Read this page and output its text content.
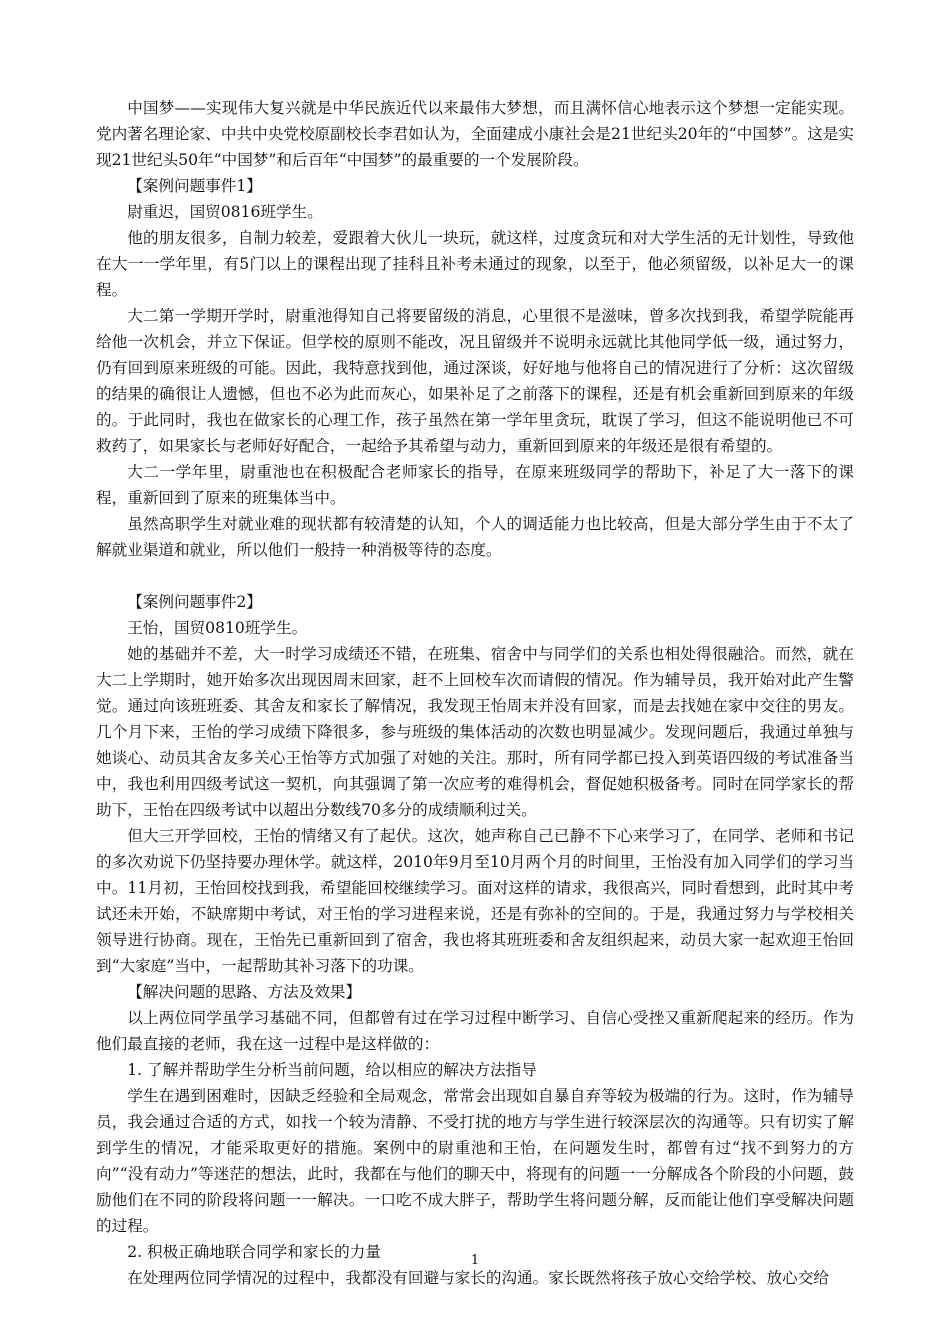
中国梦——实现伟大复兴就是中华民族近代以来最伟大梦想，而且满怀信心地表示这个梦想一定能实现。党内著名理论家、中共中央党校原副校长李君如认为，全面建成小康社会是21世纪头20年的“中国梦”。这是实现21世纪头50年“中国梦”和后百年“中国梦”的最重要的一个发展阶段。

【案例问题事件1】

尉重迟，国贸0816班学生。

他的朋友很多，自制力较差，爱跟着大伙儿一块玩，就这样，过度贪玩和对大学生活的无计划性，导致他在大一一学年里，有5门以上的课程出现了挂科且补考未通过的现象，以至于，他必须留级，以补足大一的课程。

大二第一学期开学时，尉重池得知自己将要留级的消息，心里很不是滋味，曾多次找到我，希望学院能再给他一次机会，并立下保证。但学校的原则不能改，况且留级并不说明永远就比其他同学低一级，通过努力，仍有回到原来班级的可能。因此，我特意找到他，通过深谈，好好地与他将自己的情况进行了分析：这次留级的结果的确很让人遗憾，但也不必为此而灰心，如果补足了之前落下的课程，还是有机会重新回到原来的年级的。于此同时，我也在做家长的心理工作，孩子虽然在第一学年里贪玩，耽误了学习，但这不能说明他已不可救药了，如果家长与老师好好配合，一起给予其希望与动力，重新回到原来的年级还是很有希望的。

大二一学年里，尉重池也在积极配合老师家长的指导，在原来班级同学的帮助下，补足了大一落下的课程，重新回到了原来的班集体当中。

虽然高职学生对就业难的现状都有较清楚的认知，个人的调适能力也比较高，但是大部分学生由于不太了解就业渠道和就业，所以他们一般持一种消极等待的态度。

【案例问题事件2】

王怡，国贸0810班学生。

她的基础并不差，大一时学习成绩还不错，在班集、宿舍中与同学们的关系也相处得很融洽。而然，就在大二上学期时，她开始多次出现因周末回家，赶不上回校车次而请假的情况。作为辅导员，我开始对此产生警觉。通过向该班班委、其舍友和家长了解情况，我发现王怡周末并没有回家，而是去找她在家中交往的男友。几个月下来，王怡的学习成绩下降很多，参与班级的集体活动的次数也明显减少。发现问题后，我通过单独与她谈心、动员其舍友多关心王怡等方式加强了对她的关注。那时，所有同学都已投入到英语四级的考试准备当中，我也利用四级考试这一契机，向其强调了第一次应考的难得机会，督促她积极备考。同时在同学家长的帮助下，王怡在四级考试中以超出分数线70多分的成绩顺利过关。

但大三开学回校，王怡的情绪又有了起伏。这次，她声称自己已静不下心来学习了，在同学、老师和书记的多次劝说下仍坚持要办理休学。就这样，2010年9月至10月两个月的时间里，王怡没有加入同学们的学习当中。11月初，王怡回校找到我，希望能回校继续学习。面对这样的请求，我很高兴，同时看想到，此时其中考试还未开始，不缺席期中考试，对王怡的学习进程来说，还是有弥补的空间的。于是，我通过努力与学校相关领导进行协商。现在，王怡先已重新回到了宿舍，我也将其班班委和舍友组织起来，动员大家一起欢迎王怡回到“大家庭”当中，一起帮助其补习落下的功课。

【解决问题的思路、方法及效果】

以上两位同学虽学习基础不同，但都曾有过在学习过程中断学习、自信心受挫又重新爬起来的经历。作为他们最直接的老师，我在这一过程中是这样做的：

1. 了解并帮助学生分析当前问题，给以相应的解决方法指导

学生在遇到困难时，因缺乏经验和全局观念，常常会出现如自暴自弃等较为极端的行为。这时，作为辅导员，我会通过合适的方式，如找一个较为清静、不受打扰的地方与学生进行较深层次的沟通等。只有切实了解到学生的情况，才能采取更好的措施。案例中的尉重池和王怡，在问题发生时，都曾有过“找不到努力的方向”“没有动力”等迷茫的想法，此时，我都在与他们的聊天中，将现有的问题一一分解成各个阶段的小问题，鼓励他们在不同的阶段将问题一一解决。一口吃不成大胖子，帮助学生将问题分解，反而能让他们享受解决问题的过程。

2. 积极正确地联合同学和家长的力量

在处理两位同学情况的过程中，我都没有回避与家长的沟通。家长既然将孩子放心交给学校、放心交给

1
